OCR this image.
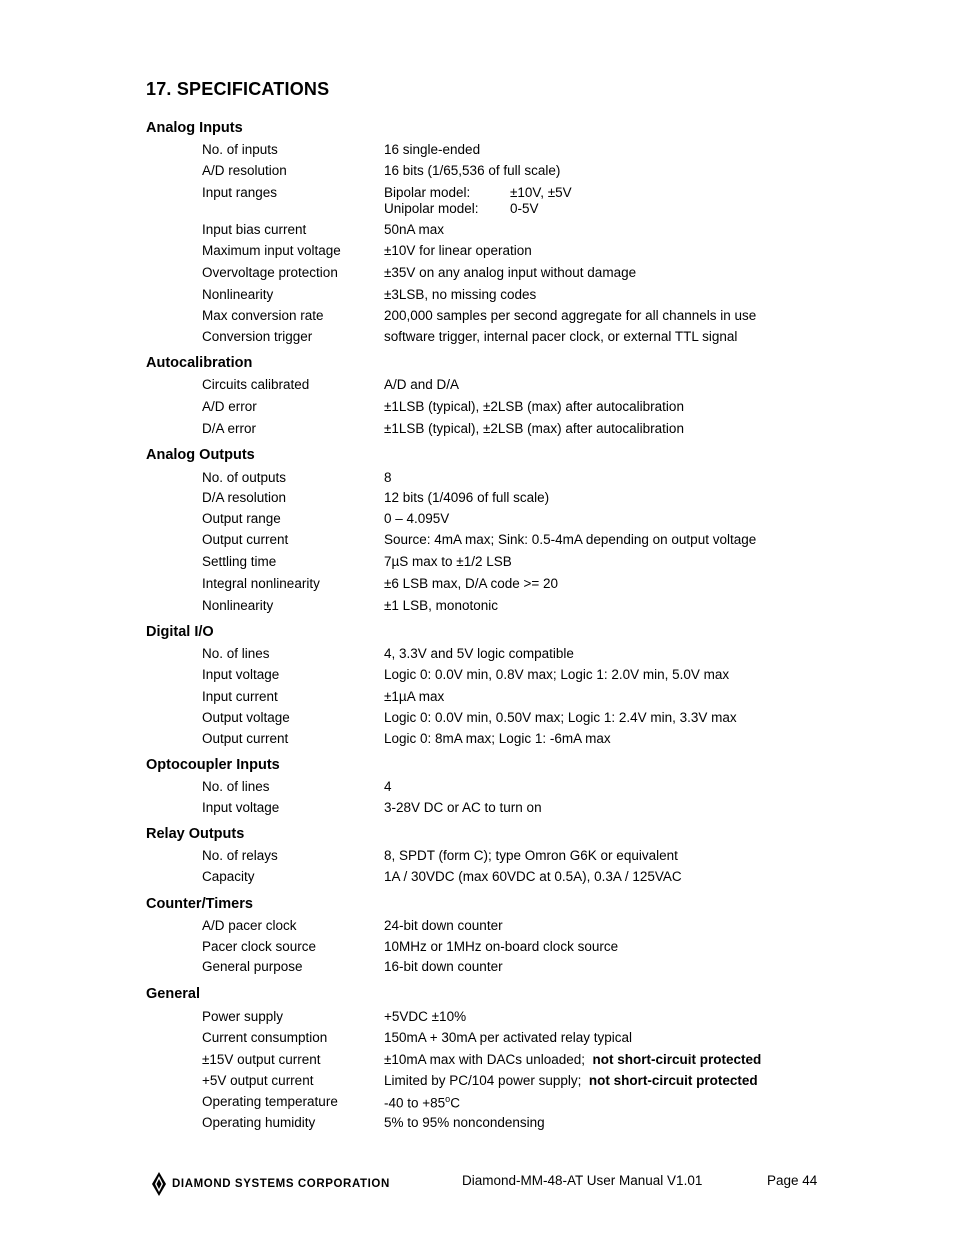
17. SPECIFICATIONS
Analog Inputs
No. of inputs	16 single-ended
A/D resolution	16 bits (1/65,536 of full scale)
Input ranges	Bipolar model:	±10V, ±5V
Unipolar model: 0-5V
Input bias current	50nA max
Maximum input voltage	±10V for linear operation
Overvoltage protection	±35V on any analog input without damage
Nonlinearity	±3LSB, no missing codes
Max conversion rate	200,000 samples per second aggregate for all channels in use
Conversion trigger	software trigger, internal pacer clock, or external TTL signal
Autocalibration
Circuits calibrated	A/D and D/A
A/D error	±1LSB (typical), ±2LSB (max) after autocalibration
D/A error	±1LSB (typical), ±2LSB (max) after autocalibration
Analog Outputs
No. of outputs	8
D/A resolution	12 bits (1/4096 of full scale)
Output range	0 – 4.095V
Output current	Source: 4mA max; Sink: 0.5-4mA depending on output voltage
Settling time	7µS max to ±1/2 LSB
Integral nonlinearity	±6 LSB max, D/A code >= 20
Nonlinearity	±1 LSB, monotonic
Digital I/O
No. of lines	4, 3.3V and 5V logic compatible
Input voltage	Logic 0: 0.0V min, 0.8V max; Logic 1: 2.0V min, 5.0V max
Input current	±1µA max
Output voltage	Logic 0: 0.0V min, 0.50V max; Logic 1: 2.4V min, 3.3V max
Output current	Logic 0: 8mA max; Logic 1: -6mA max
Optocoupler Inputs
No. of lines	4
Input voltage	3-28V DC or AC to turn on
Relay Outputs
No. of relays	8, SPDT (form C); type Omron G6K or equivalent
Capacity	1A / 30VDC (max 60VDC at 0.5A), 0.3A / 125VAC
Counter/Timers
A/D pacer clock	24-bit down counter
Pacer clock source	10MHz or 1MHz on-board clock source
General purpose	16-bit down counter
General
Power supply	+5VDC ±10%
Current consumption	150mA + 30mA per activated relay typical
±15V output current	±10mA max with DACs unloaded; not short-circuit protected
+5V output current	Limited by PC/104 power supply; not short-circuit protected
Operating temperature	-40 to $+85^oC$
Operating humidity	5% to 95% noncondensing
DIAMOND SYSTEMS CORPORATION	Diamond-MM-48-AT User Manual V1.01	Page 44
